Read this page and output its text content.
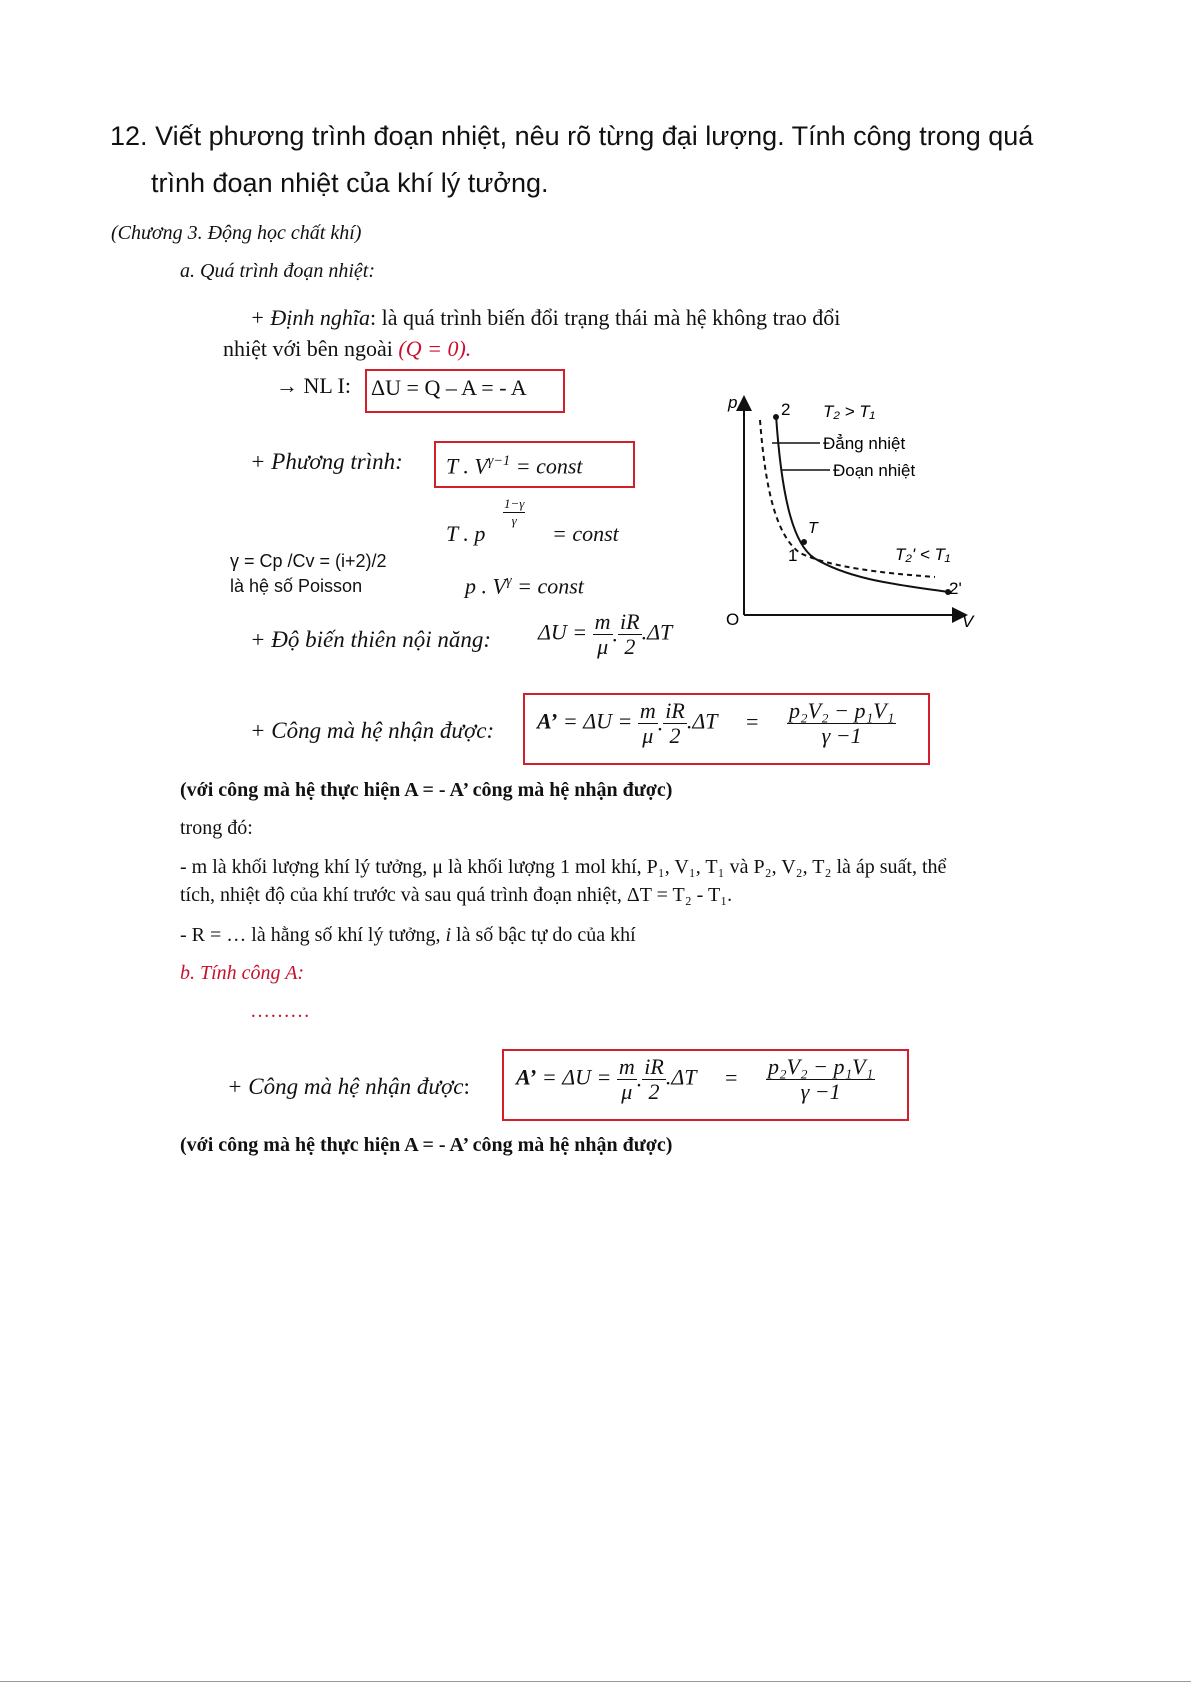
12. Viết phương trình đoạn nhiệt, nêu rõ từng đại lượng. Tính công trong quá
trình đoạn nhiệt của khí lý tưởng.
(Chương 3. Động học chất khí)
a. Quá trình đoạn nhiệt:
+ Định nghĩa: là quá trình biến đổi trạng thái mà hệ không trao đổi
nhiệt với bên ngoài (Q = 0).
→ NL I: ΔU = Q – A = - A
+ Phương trình: T . $V^{\gamma-1}$ = const
T . p
$\frac{1-\gamma}{\gamma}$
= const
γ = Cp /Cv = (i+2)/2
là hệ số Poisson	p . $V^\gamma$ = const
+ Độ biến thiên nội năng: $\Delta U = \frac{m}{\mu}$ . $\frac{iR}{2} .\Delta T$
+ Công mà hệ nhận được: A’ = $\Delta U = \frac{m}{\mu}$ . $\frac{iR}{2} .\Delta T = \frac{\text{p₂V₂ − p₁V₁}}{\gamma -1}$
p
V
O
2 T₂ > T₁
Đẳng nhiệt
Đoạn nhiệt
T
1	T₂' < T₁
2'
(với công mà hệ thực hiện A = - A’ công mà hệ nhận được)
trong đó:
- m là khối lượng khí lý tưởng, μ là khối lượng 1 mol khí, P₁, V₁, T₁ và P₂, V₂, T₂ là áp suất, thể
tích, nhiệt độ của khí trước và sau quá trình đoạn nhiệt, ΔT = T₂ - T₁.
- R = … là hằng số khí lý tưởng, i là số bậc tự do của khí
b. Tính công A:
………
+ Công mà hệ nhận được: A’ = $\Delta U = \frac{m}{\mu}$ . $\frac{iR}{2} .\Delta T = \frac{\text{p₂V₂ − p₁V₁}}{\gamma -1}$
(với công mà hệ thực hiện A = - A’ công mà hệ nhận được)
